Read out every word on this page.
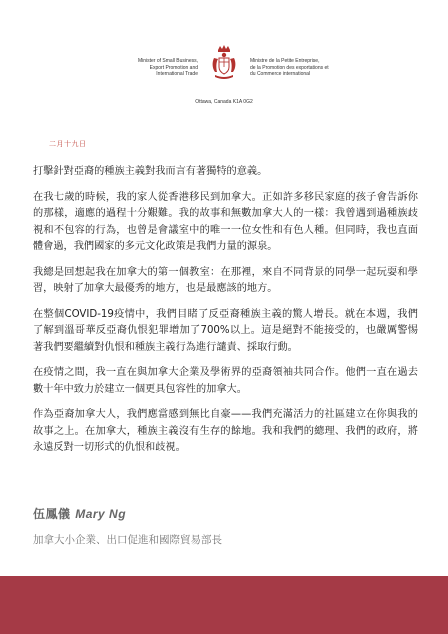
Minister of Small Business,
Export Promotion and
International Trade
Ministre de la Petite Entreprise,
de la Promotion des exportations et
du Commerce international
Ottawa, Canada K1A 0G2
二月十九日

打擊針對亞裔的種族主義對我而言有著獨特的意義。

在我七歲的時候，我的家人從香港移民到加拿大。正如許多移民家庭的孩子會告訴你的那樣，適應的過程十分艱難。我的故事和無數加拿大人的一樣：我曾遇到過種族歧視和不包容的行為，也曾是會議室中的唯一一位女性和有色人種。但同時，我也直面體會過，我們國家的多元文化政策是我們力量的源泉。

我總是回想起我在加拿大的第一個教室：在那裡，來自不同背景的同學一起玩耍和學習，映射了加拿大最優秀的地方，也是最應該的地方。

在整個COVID-19疫情中，我們目睹了反亞裔種族主義的驚人增長。就在本週，我們了解到溫哥華反亞裔仇恨犯罪增加了700%以上。這是絕對不能接受的，也嚴厲警惕著我們要繼續對仇恨和種族主義行為進行譴責、採取行動。

在疫情之間，我一直在與加拿大企業及學術界的亞裔領袖共同合作。他們一直在過去數十年中致力於建立一個更具包容性的加拿大。

作為亞裔加拿大人，我們應當感到無比自豪——我們充滿活力的社區建立在你與我的故事之上。在加拿大，種族主義沒有生存的餘地。我和我們的總理、我們的政府，將永遠反對一切形式的仇恨和歧視。

伍鳳儀 Mary Ng
加拿大小企業、出口促進和國際貿易部長
